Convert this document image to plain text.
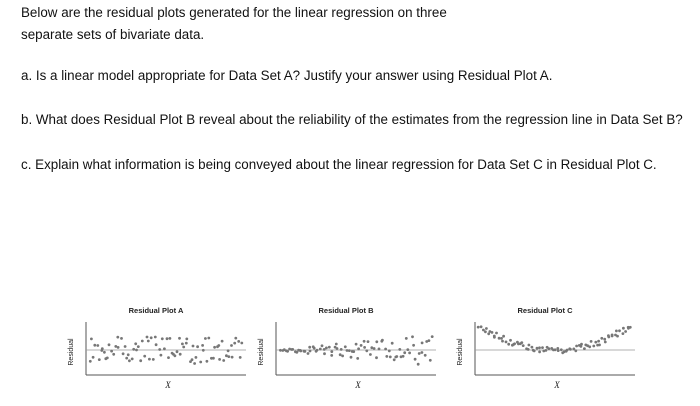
Below are the residual plots generated for the linear regression on three
separate sets of bivariate data.
a. Is a linear model appropriate for Data Set A? Justify your answer using Residual Plot A.
b. What does Residual Plot B reveal about the reliability of the estimates from the regression line in Data Set B?
c. Explain what information is being conveyed about the linear regression for Data Set C in Residual Plot C.
Residual Plot A
Residual
X
Residual Plot B
Residual
X
Residual Plot C
Residual
X
